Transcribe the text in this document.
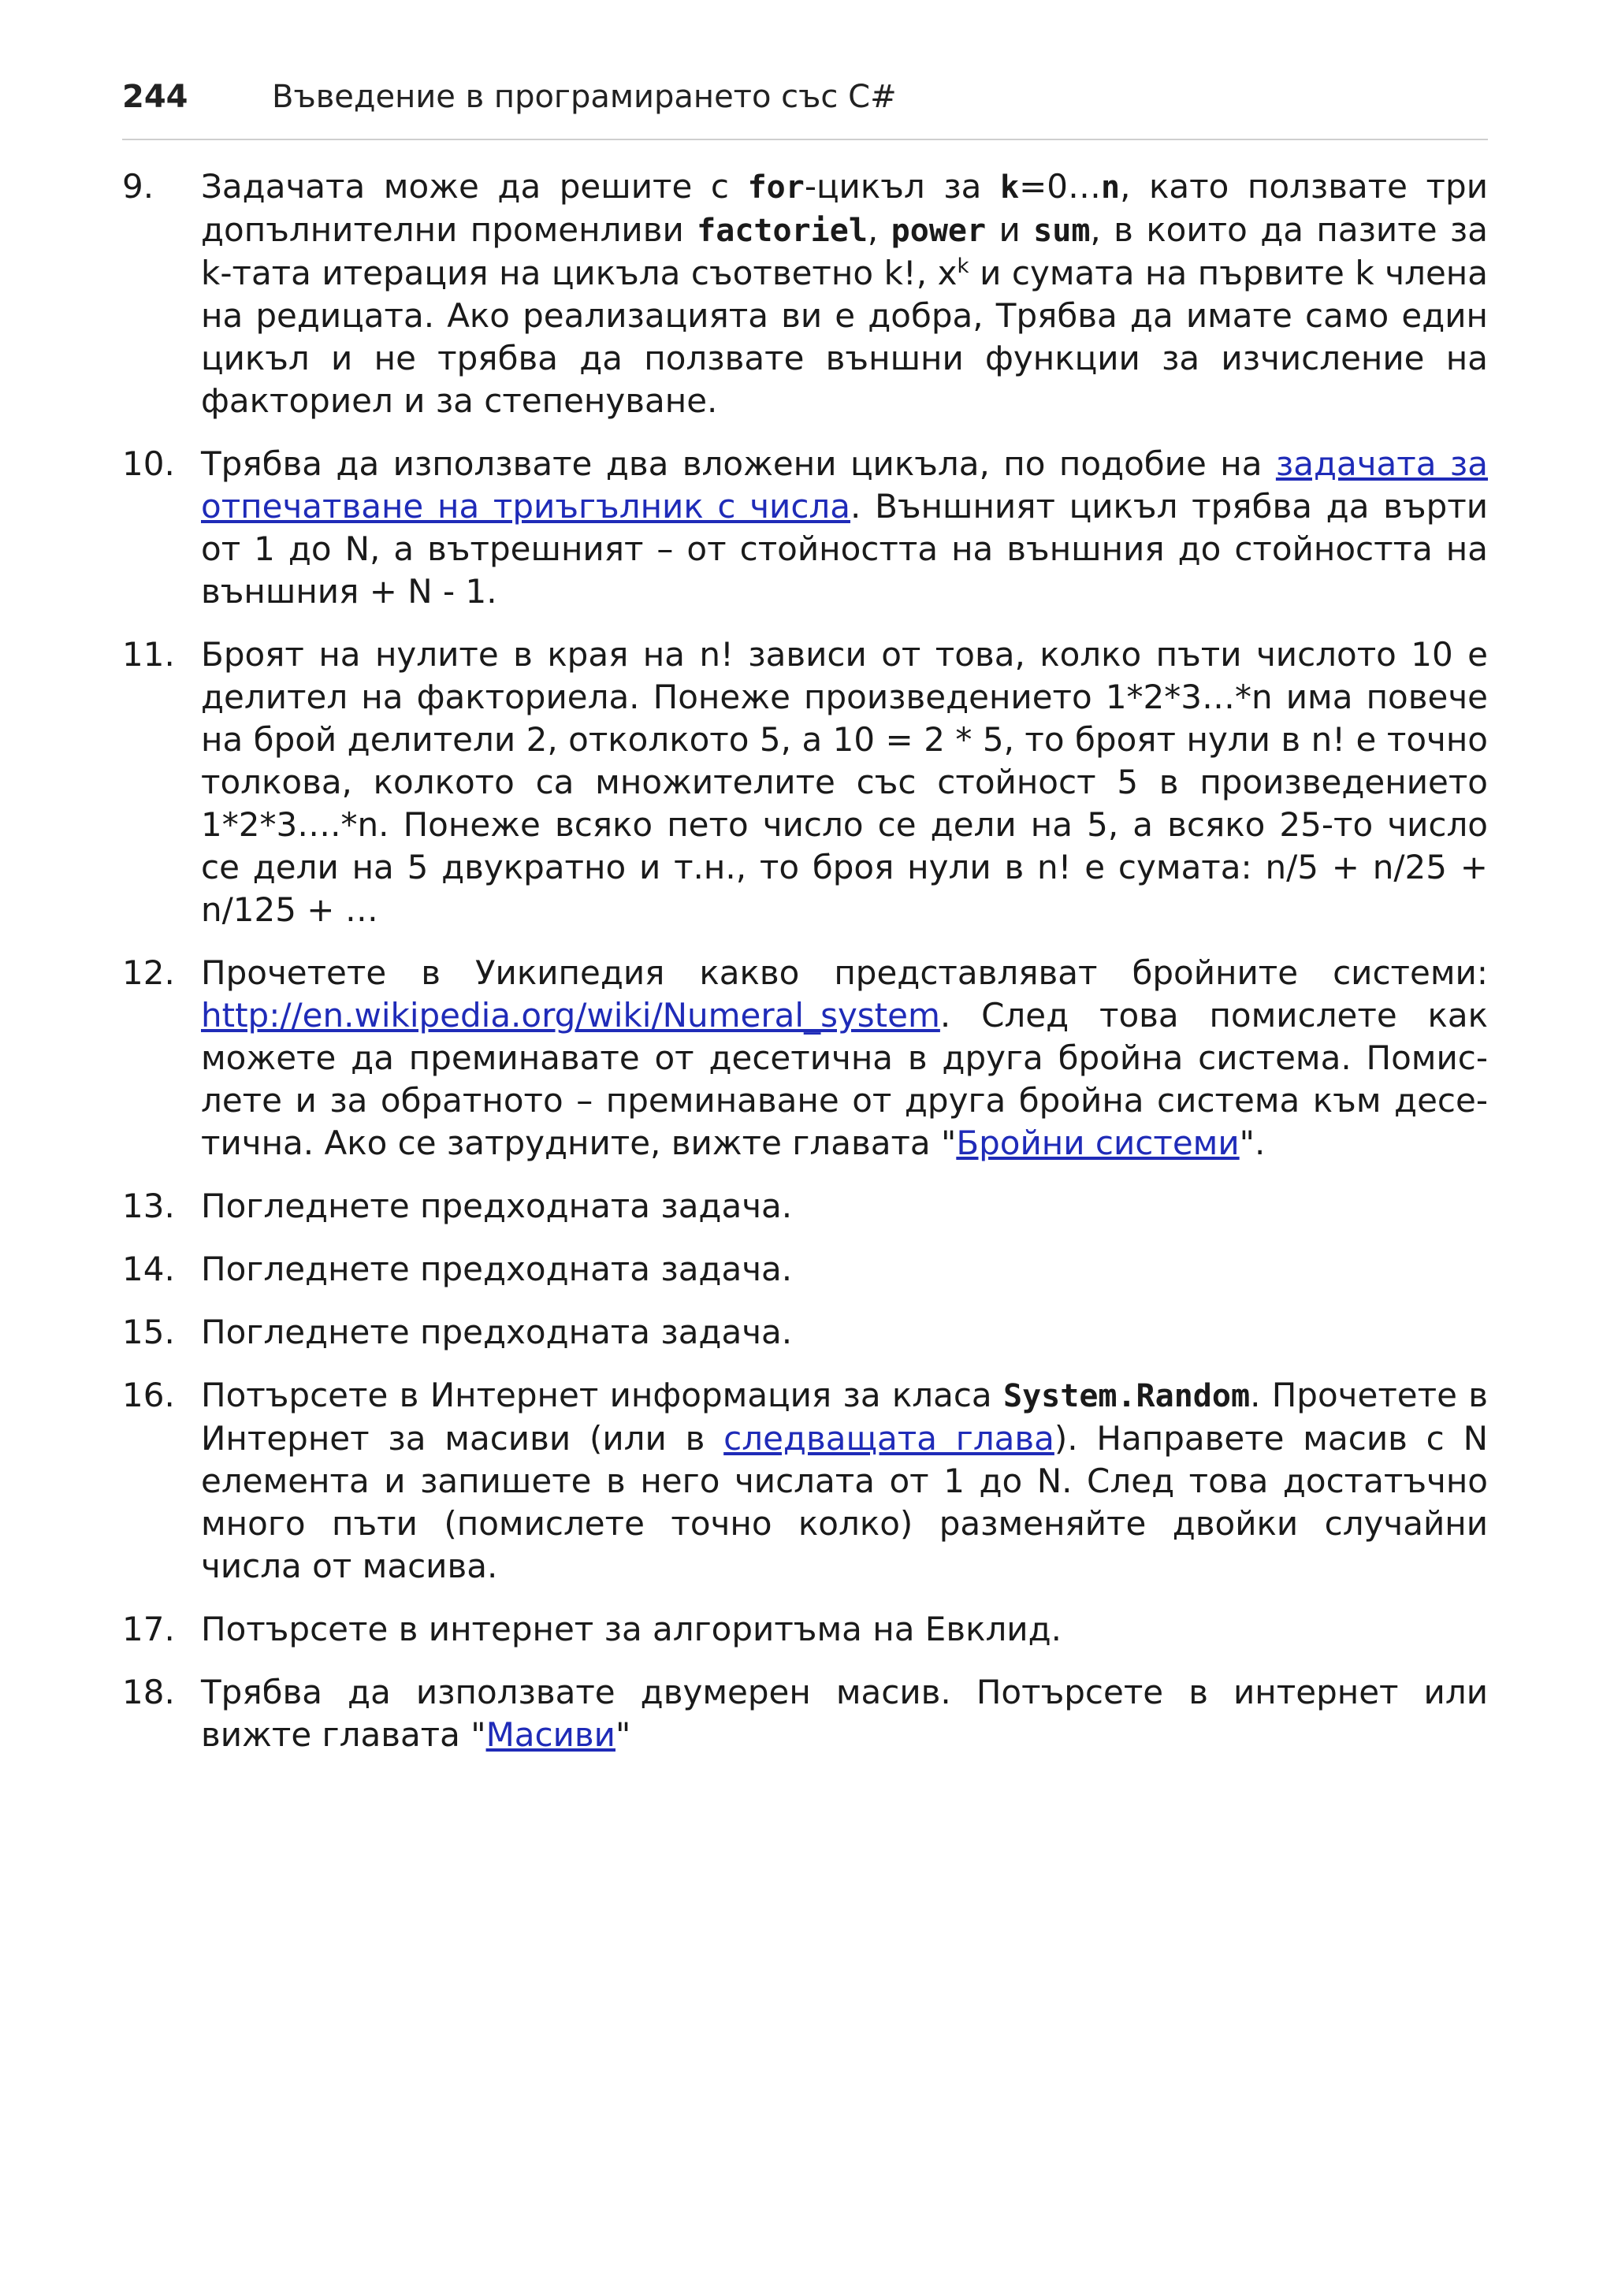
244	Въведение в програмирането със C#
9. Задачата може да решите с for-цикъл за k=0…n, като ползвате три допълнителни променливи factoriel, power и sum, в които да пазите за k-тата итерация на цикъла съответно k!, $x^k$ и сумата на първите k члена на редицата. Ако реализацията ви е добра, Трябва да имате само един цикъл и не трябва да ползвате външни функции за изчисление на факториел и за степенуване.
10. Трябва да използвате два вложени цикъла, по подобие на задачата за отпечатване на триъгълник с числа. Външният цикъл трябва да върти от 1 до N, а вътрешният – от стойността на външния до стойността на външния + N - 1.
11. Броят на нулите в края на n! зависи от това, колко пъти числото 10 е делител на факториела. Понеже произведението 1*2*3…*n има повече на брой делители 2, отколкото 5, а 10 = 2 * 5, то броят нули в n! е точно толкова, колкото са множителите със стойност 5 в произведението 1*2*3….*n. Понеже всяко пето число се дели на 5, а всяко 25-то число се дели на 5 двукратно и т.н., то броя нули в n! е сумата: n/5 + n/25 + n/125 + …
12. Прочетете в Уикипедия какво представляват бройните системи: http://en.wikipedia.org/wiki/Numeral_system. След това помислете как можете да преминавате от десетична в друга бройна система. Помислете и за обратното – преминаване от друга бройна система към десетична. Ако се затрудните, вижте главата "Бройни системи".
13. Погледнете предходната задача.
14. Погледнете предходната задача.
15. Погледнете предходната задача.
16. Потърсете в Интернет информация за класа System.Random. Прочетете в Интернет за масиви (или в следващата глава). Направете масив с N елемента и запишете в него числата от 1 до N. След това достатъчно много пъти (помислете точно колко) разменяйте двойки случайни числа от масива.
17. Потърсете в интернет за алгоритъма на Евклид.
18. Трябва да използвате двумерен масив. Потърсете в интернет или вижте главата "Масиви"
